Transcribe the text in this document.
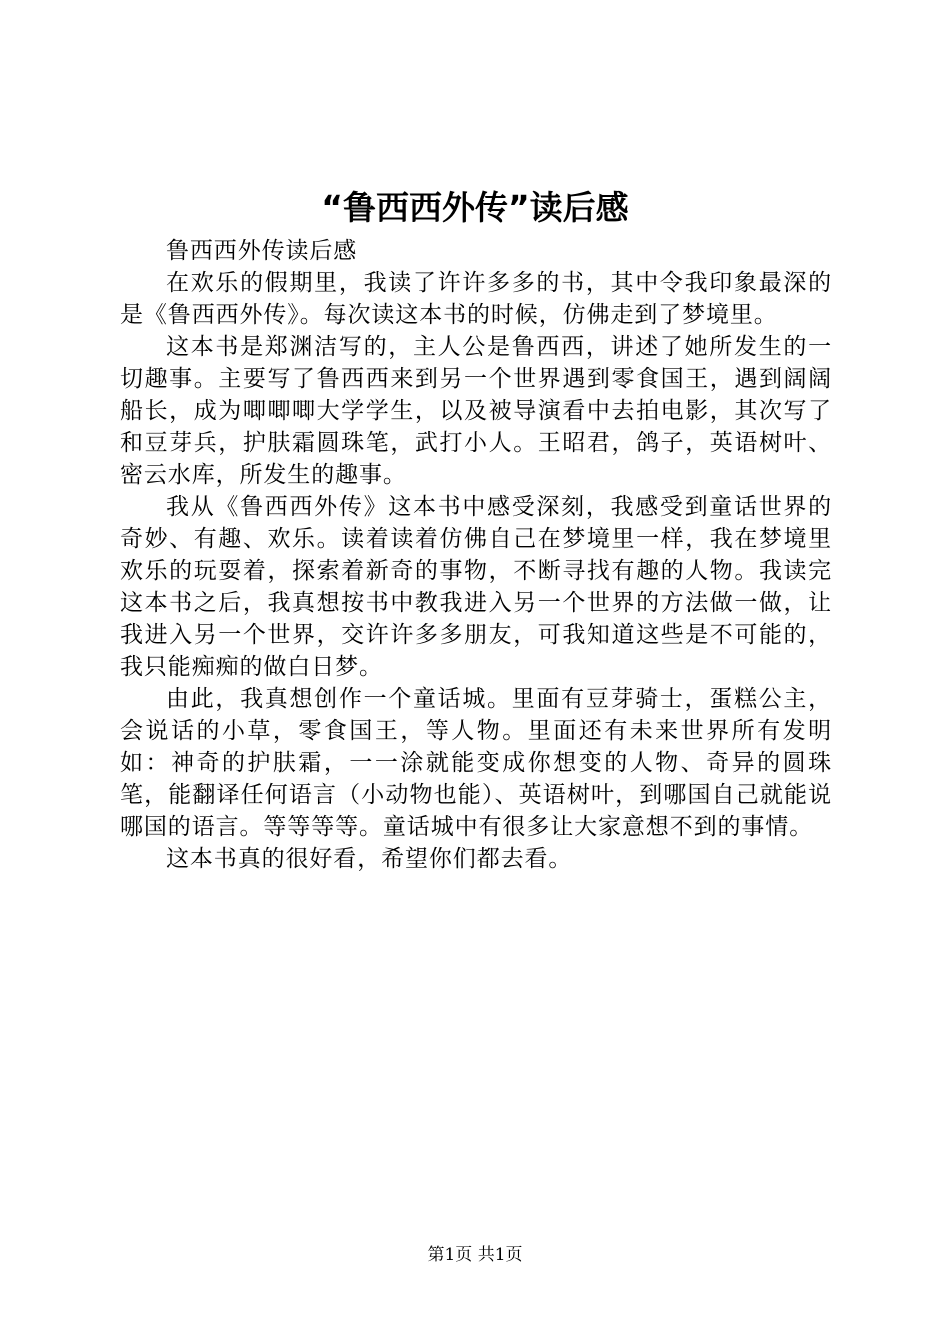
“鲁西西外传”读后感

鲁西西外传读后感

在欢乐的假期里，我读了许许多多的书，其中令我印象最深的是《鲁西西外传》。每次读这本书的时候，仿佛走到了梦境里。

这本书是郑渊洁写的，主人公是鲁西西，讲述了她所发生的一切趣事。主要写了鲁西西来到另一个世界遇到零食国王，遇到阔阔船长，成为唧唧唧大学学生，以及被导演看中去拍电影，其次写了和豆芽兵，护肤霜圆珠笔，武打小人。王昭君，鸽子，英语树叶、密云水库，所发生的趣事。

我从《鲁西西外传》这本书中感受深刻，我感受到童话世界的奇妙、有趣、欢乐。读着读着仿佛自己在梦境里一样，我在梦境里欢乐的玩耍着，探索着新奇的事物，不断寻找有趣的人物。我读完这本书之后，我真想按书中教我进入另一个世界的方法做一做，让我进入另一个世界，交许许多多朋友，可我知道这些是不可能的，我只能痴痴的做白日梦。

由此，我真想创作一个童话城。里面有豆芽骑士，蛋糕公主，会说话的小草，零食国王，等人物。里面还有未来世界所有发明如：神奇的护肤霜，一一涂就能变成你想变的人物、奇异的圆珠笔，能翻译任何语言（小动物也能）、英语树叶，到哪国自己就能说哪国的语言。等等等等。童话城中有很多让大家意想不到的事情。

这本书真的很好看，希望你们都去看。

第1页 共1页
